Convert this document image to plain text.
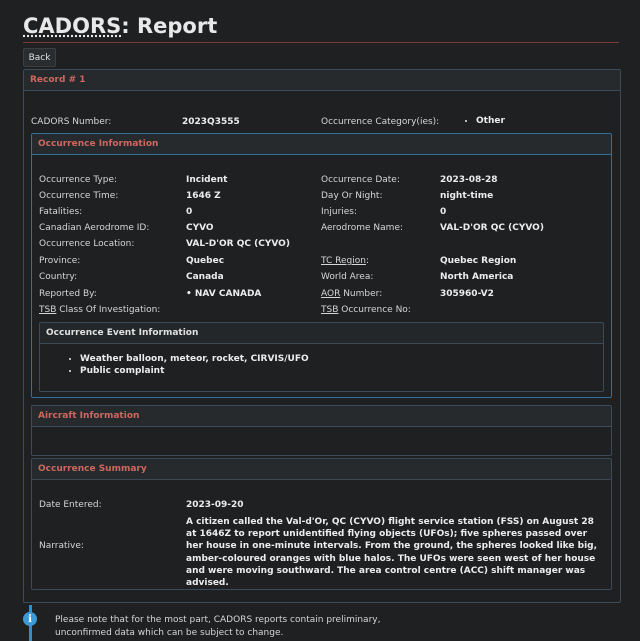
CADORS: Report
Back
Record # 1
CADORS Number:	2023Q3555	Occurrence Category(ies):
•	Other
Occurrence Information
Occurrence Type:	Incident	Occurrence Date:	2023-08-28
Occurrence Time:	1646 Z	Day Or Night:	night-time
Fatalities:	0	Injuries:	0
Canadian Aerodrome ID:	CYVO	Aerodrome Name:	VAL-D'OR QC (CYVO)
Occurrence Location:	VAL-D'OR QC (CYVO)
Province:	Quebec	TC Region:	Quebec Region
Country:	Canada	World Area:	North America
Reported By:	• NAV CANADA	AOR Number:	305960-V2
TSB Class Of Investigation:	TSB Occurrence No:
Occurrence Event Information
• Weather balloon, meteor, rocket, CIRVIS/UFO
• Public complaint
Aircraft Information
Occurrence Summary
Date Entered:	2023-09-20
Narrative:
A citizen called the Val-d'Or, QC (CYVO) flight service station (FSS) on August 28 at 1646Z to report unidentified flying objects (UFOs); five spheres passed over her house in one-minute intervals. From the ground, the spheres looked like big, amber-coloured oranges with blue halos. The UFOs were seen west of her house and were moving southward. The area control centre (ACC) shift manager was advised.
i	Please note that for the most part, CADORS reports contain preliminary, unconfirmed data which can be subject to change.
